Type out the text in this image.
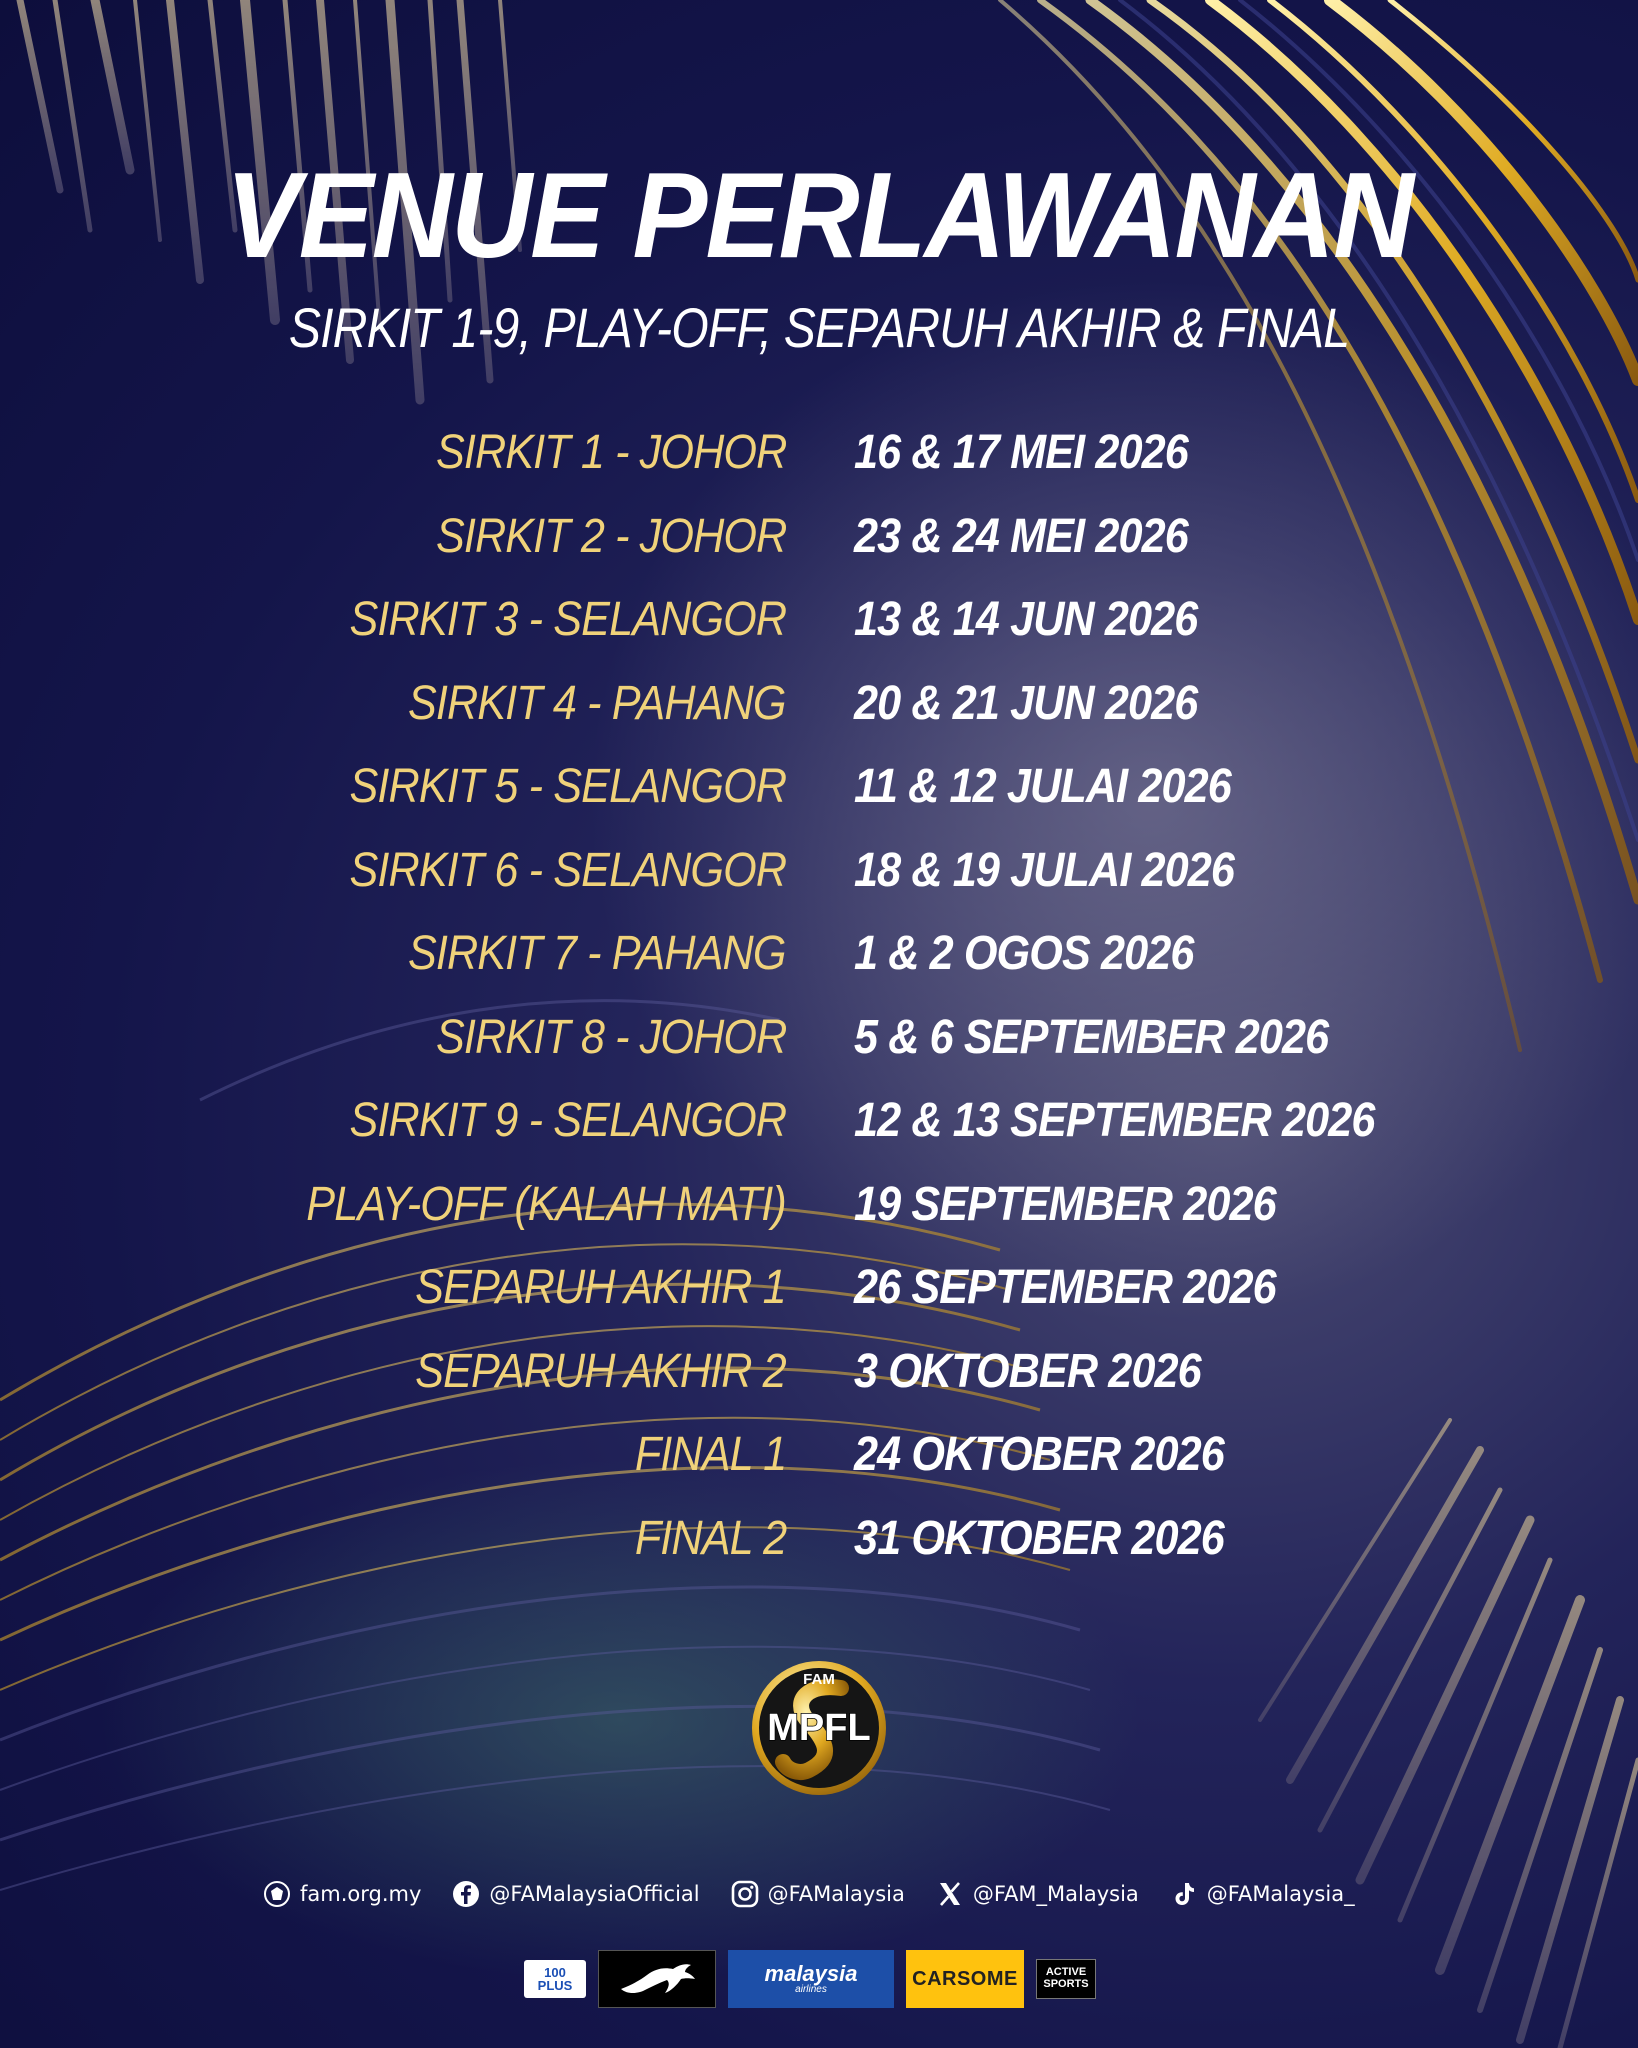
VENUE PERLAWANAN
SIRKIT 1-9, PLAY-OFF, SEPARUH AKHIR & FINAL
SIRKIT 1 - JOHOR 16 & 17 MEI 2026
SIRKIT 2 - JOHOR 23 & 24 MEI 2026
SIRKIT 3 - SELANGOR 13 & 14 JUN 2026
SIRKIT 4 - PAHANG 20 & 21 JUN 2026
SIRKIT 5 - SELANGOR 11 & 12 JULAI 2026
SIRKIT 6 - SELANGOR 18 & 19 JULAI 2026
SIRKIT 7 - PAHANG 1 & 2 OGOS 2026
SIRKIT 8 - JOHOR 5 & 6 SEPTEMBER 2026
SIRKIT 9 - SELANGOR 12 & 13 SEPTEMBER 2026
PLAY-OFF (KALAH MATI) 19 SEPTEMBER 2026
SEPARUH AKHIR 1 26 SEPTEMBER 2026
SEPARUH AKHIR 2 3 OKTOBER 2026
FINAL 1 24 OKTOBER 2026
FINAL 2 31 OKTOBER 2026
FAM
MPFL
fam.org.my	@FAMalaysiaOfficial	@FAMalaysia	@FAM_Malaysia	@FAMalaysia_
100
PLUS	malaysia
airlines	CARSOME	ACTIVE
SPORTS
